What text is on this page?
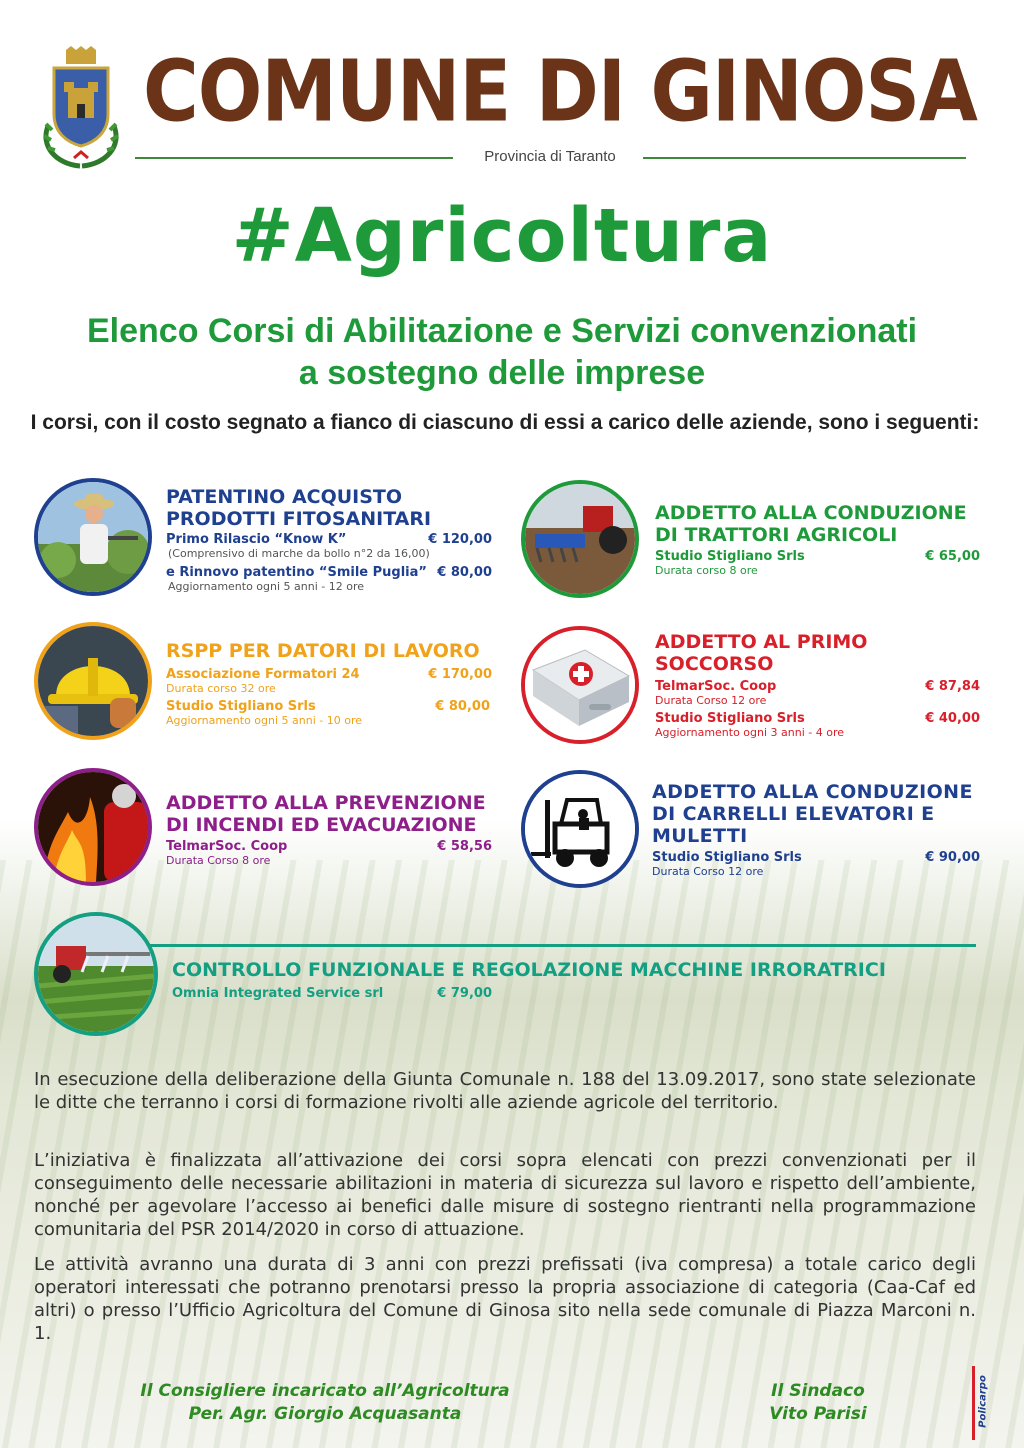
COMUNE DI GINOSA
Provincia di Taranto
#Agricoltura
Elenco Corsi di Abilitazione e Servizi convenzionati
a sostegno delle imprese
I corsi, con il costo segnato a fianco di ciascuno di essi a carico delle aziende, sono i seguenti:
PATENTINO ACQUISTO
PRODOTTI FITOSANITARI
Primo Rilascio “Know K”	€ 120,00
(Comprensivo di marche da bollo n°2 da 16,00)
e Rinnovo patentino “Smile Puglia” € 80,00
Aggiornamento ogni 5 anni - 12 ore
RSPP PER DATORI DI LAVORO
Associazione Formatori 24	€ 170,00
Durata corso 32 ore
Studio Stigliano Srls	€ 80,00
Aggiornamento ogni 5 anni - 10 ore
ADDETTO ALLA PREVENZIONE
DI INCENDI ED EVACUAZIONE
TelmarSoc. Coop	€ 58,56
Durata Corso 8 ore
ADDETTO ALLA CONDUZIONE
DI TRATTORI AGRICOLI
Studio Stigliano Srls	€ 65,00
Durata corso 8 ore
ADDETTO AL PRIMO
SOCCORSO
TelmarSoc. Coop	€ 87,84
Durata Corso 12 ore
Studio Stigliano Srls	€ 40,00
Aggiornamento ogni 3 anni - 4 ore
ADDETTO ALLA CONDUZIONE
DI CARRELLI ELEVATORI E
MULETTI
Studio Stigliano Srls	€ 90,00
Durata Corso 12 ore
CONTROLLO FUNZIONALE E REGOLAZIONE MACCHINE IRRORATRICI
Omnia Integrated Service srl	€ 79,00
In esecuzione della deliberazione della Giunta Comunale n. 188 del 13.09.2017, sono state selezionate le ditte che terranno i corsi di formazione rivolti alle aziende agricole del territorio.
L’iniziativa è finalizzata all’attivazione dei corsi sopra elencati con prezzi convenzionati per il conseguimento delle necessarie abilitazioni in materia di sicurezza sul lavoro e rispetto dell’ambiente, nonché per agevolare l’accesso ai benefici dalle misure di sostegno rientranti nella programmazione comunitaria del PSR 2014/2020 in corso di attuazione.
Le attività avranno una durata di 3 anni con prezzi prefissati (iva compresa) a totale carico degli operatori interessati che potranno prenotarsi presso la propria associazione di categoria (Caa-Caf ed altri) o presso l’Ufficio Agricoltura del Comune di Ginosa sito nella sede comunale di Piazza Marconi n. 1.
Il Consigliere incaricato all’Agricoltura
Per. Agr. Giorgio Acquasanta
Il Sindaco
Vito Parisi	Policarpo
